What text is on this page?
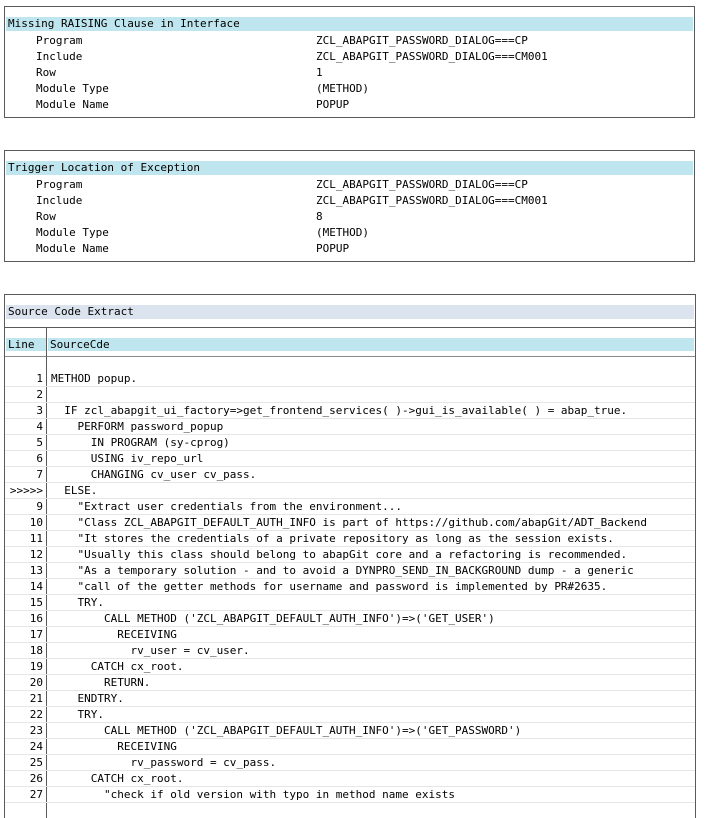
Missing RAISING Clause in Interface
Program	ZCL_ABAPGIT_PASSWORD_DIALOG===CP
Include	ZCL_ABAPGIT_PASSWORD_DIALOG===CM001
Row	1
Module Type	(METHOD)
Module Name	POPUP
Trigger Location of Exception
Program	ZCL_ABAPGIT_PASSWORD_DIALOG===CP
Include	ZCL_ABAPGIT_PASSWORD_DIALOG===CM001
Row	8
Module Type	(METHOD)
Module Name	POPUP
Source Code Extract
Line	SourceCde
1 METHOD popup.
2
3 IF zcl_abapgit_ui_factory=>get_frontend_services( )->gui_is_available( ) = abap_true.
4 PERFORM password_popup
5 IN PROGRAM (sy-cprog)
6 USING iv_repo_url
7 CHANGING cv_user cv_pass.
>>>>> ELSE.
9 "Extract user credentials from the environment...
10 "Class ZCL_ABAPGIT_DEFAULT_AUTH_INFO is part of https://github.com/abapGit/ADT_Backend
11 "It stores the credentials of a private repository as long as the session exists.
12 "Usually this class should belong to abapGit core and a refactoring is recommended.
13 "As a temporary solution - and to avoid a DYNPRO_SEND_IN_BACKGROUND dump - a generic
14 "call of the getter methods for username and password is implemented by PR#2635.
15 TRY.
16 CALL METHOD ('ZCL_ABAPGIT_DEFAULT_AUTH_INFO')=>('GET_USER')
17 RECEIVING
18 rv_user = cv_user.
19 CATCH cx_root.
20 RETURN.
21 ENDTRY.
22 TRY.
23 CALL METHOD ('ZCL_ABAPGIT_DEFAULT_AUTH_INFO')=>('GET_PASSWORD')
24 RECEIVING
25 rv_password = cv_pass.
26 CATCH cx_root.
27 "check if old version with typo in method name exists
